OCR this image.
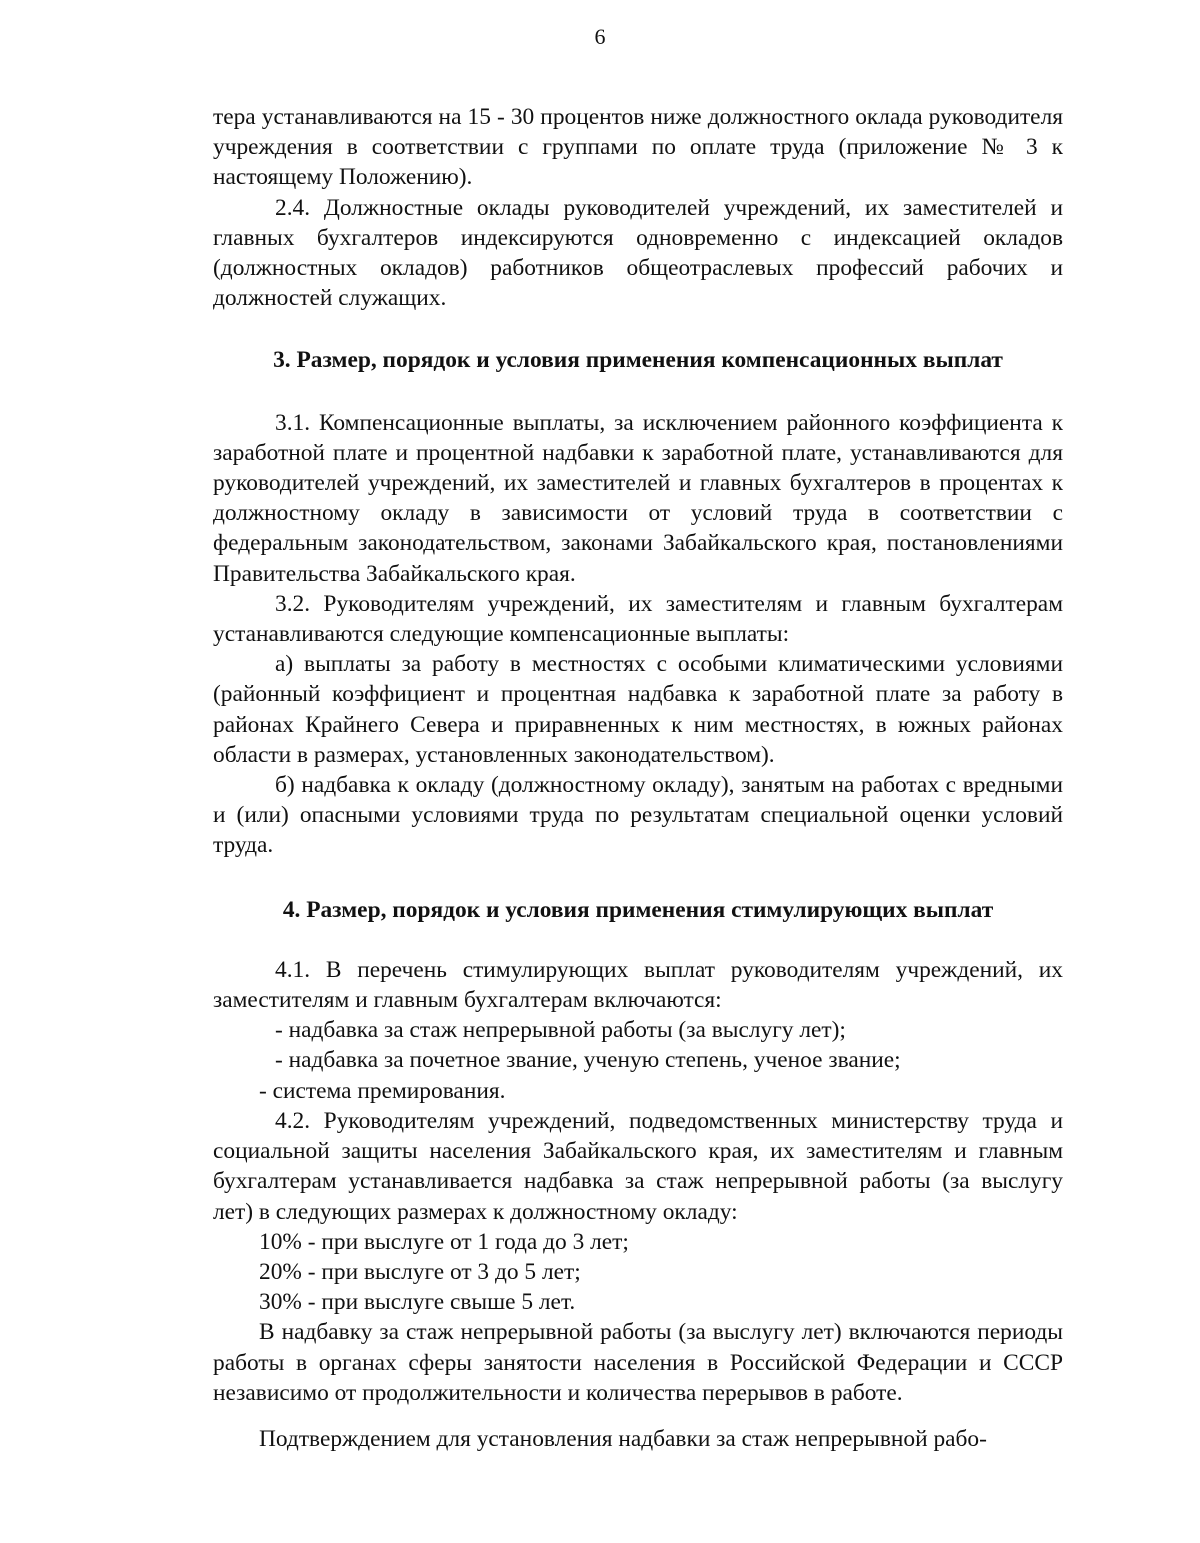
6

тера устанавливаются на 15 - 30 процентов ниже должностного оклада руководителя учреждения в соответствии с группами по оплате труда (приложение № 3 к настоящему Положению).

2.4. Должностные оклады руководителей учреждений, их заместителей и главных бухгалтеров индексируются одновременно с индексацией окладов (должностных окладов) работников общеотраслевых профессий рабочих и должностей служащих.

3. Размер, порядок и условия применения компенсационных выплат

3.1. Компенсационные выплаты, за исключением районного коэффициента к заработной плате и процентной надбавки к заработной плате, устанавливаются для руководителей учреждений, их заместителей и главных бухгалтеров в процентах к должностному окладу в зависимости от условий труда в соответствии с федеральным законодательством, законами Забайкальского края, постановлениями Правительства Забайкальского края.

3.2. Руководителям учреждений, их заместителям и главным бухгалтерам устанавливаются следующие компенсационные выплаты:

а) выплаты за работу в местностях с особыми климатическими условиями (районный коэффициент и процентная надбавка к заработной плате за работу в районах Крайнего Севера и приравненных к ним местностях, в южных районах области в размерах, установленных законодательством).

б) надбавка к окладу (должностному окладу), занятым на работах с вредными и (или) опасными условиями труда по результатам специальной оценки условий труда.

4. Размер, порядок и условия применения стимулирующих выплат

4.1. В перечень стимулирующих выплат руководителям учреждений, их заместителям и главным бухгалтерам включаются:

- надбавка за стаж непрерывной работы (за выслугу лет);

- надбавка за почетное звание, ученую степень, ученое звание;

- система премирования.

4.2. Руководителям учреждений, подведомственных министерству труда и социальной защиты населения Забайкальского края, их заместителям и главным бухгалтерам устанавливается надбавка за стаж непрерывной работы (за выслугу лет) в следующих размерах к должностному окладу:

10% - при выслуге от 1 года до 3 лет;

20% - при выслуге от 3 до 5 лет;

30% - при выслуге свыше 5 лет.

В надбавку за стаж непрерывной работы (за выслугу лет) включаются периоды работы в органах сферы занятости населения в Российской Федерации и СССР независимо от продолжительности и количества перерывов в работе.

Подтверждением для установления надбавки за стаж непрерывной рабо-
